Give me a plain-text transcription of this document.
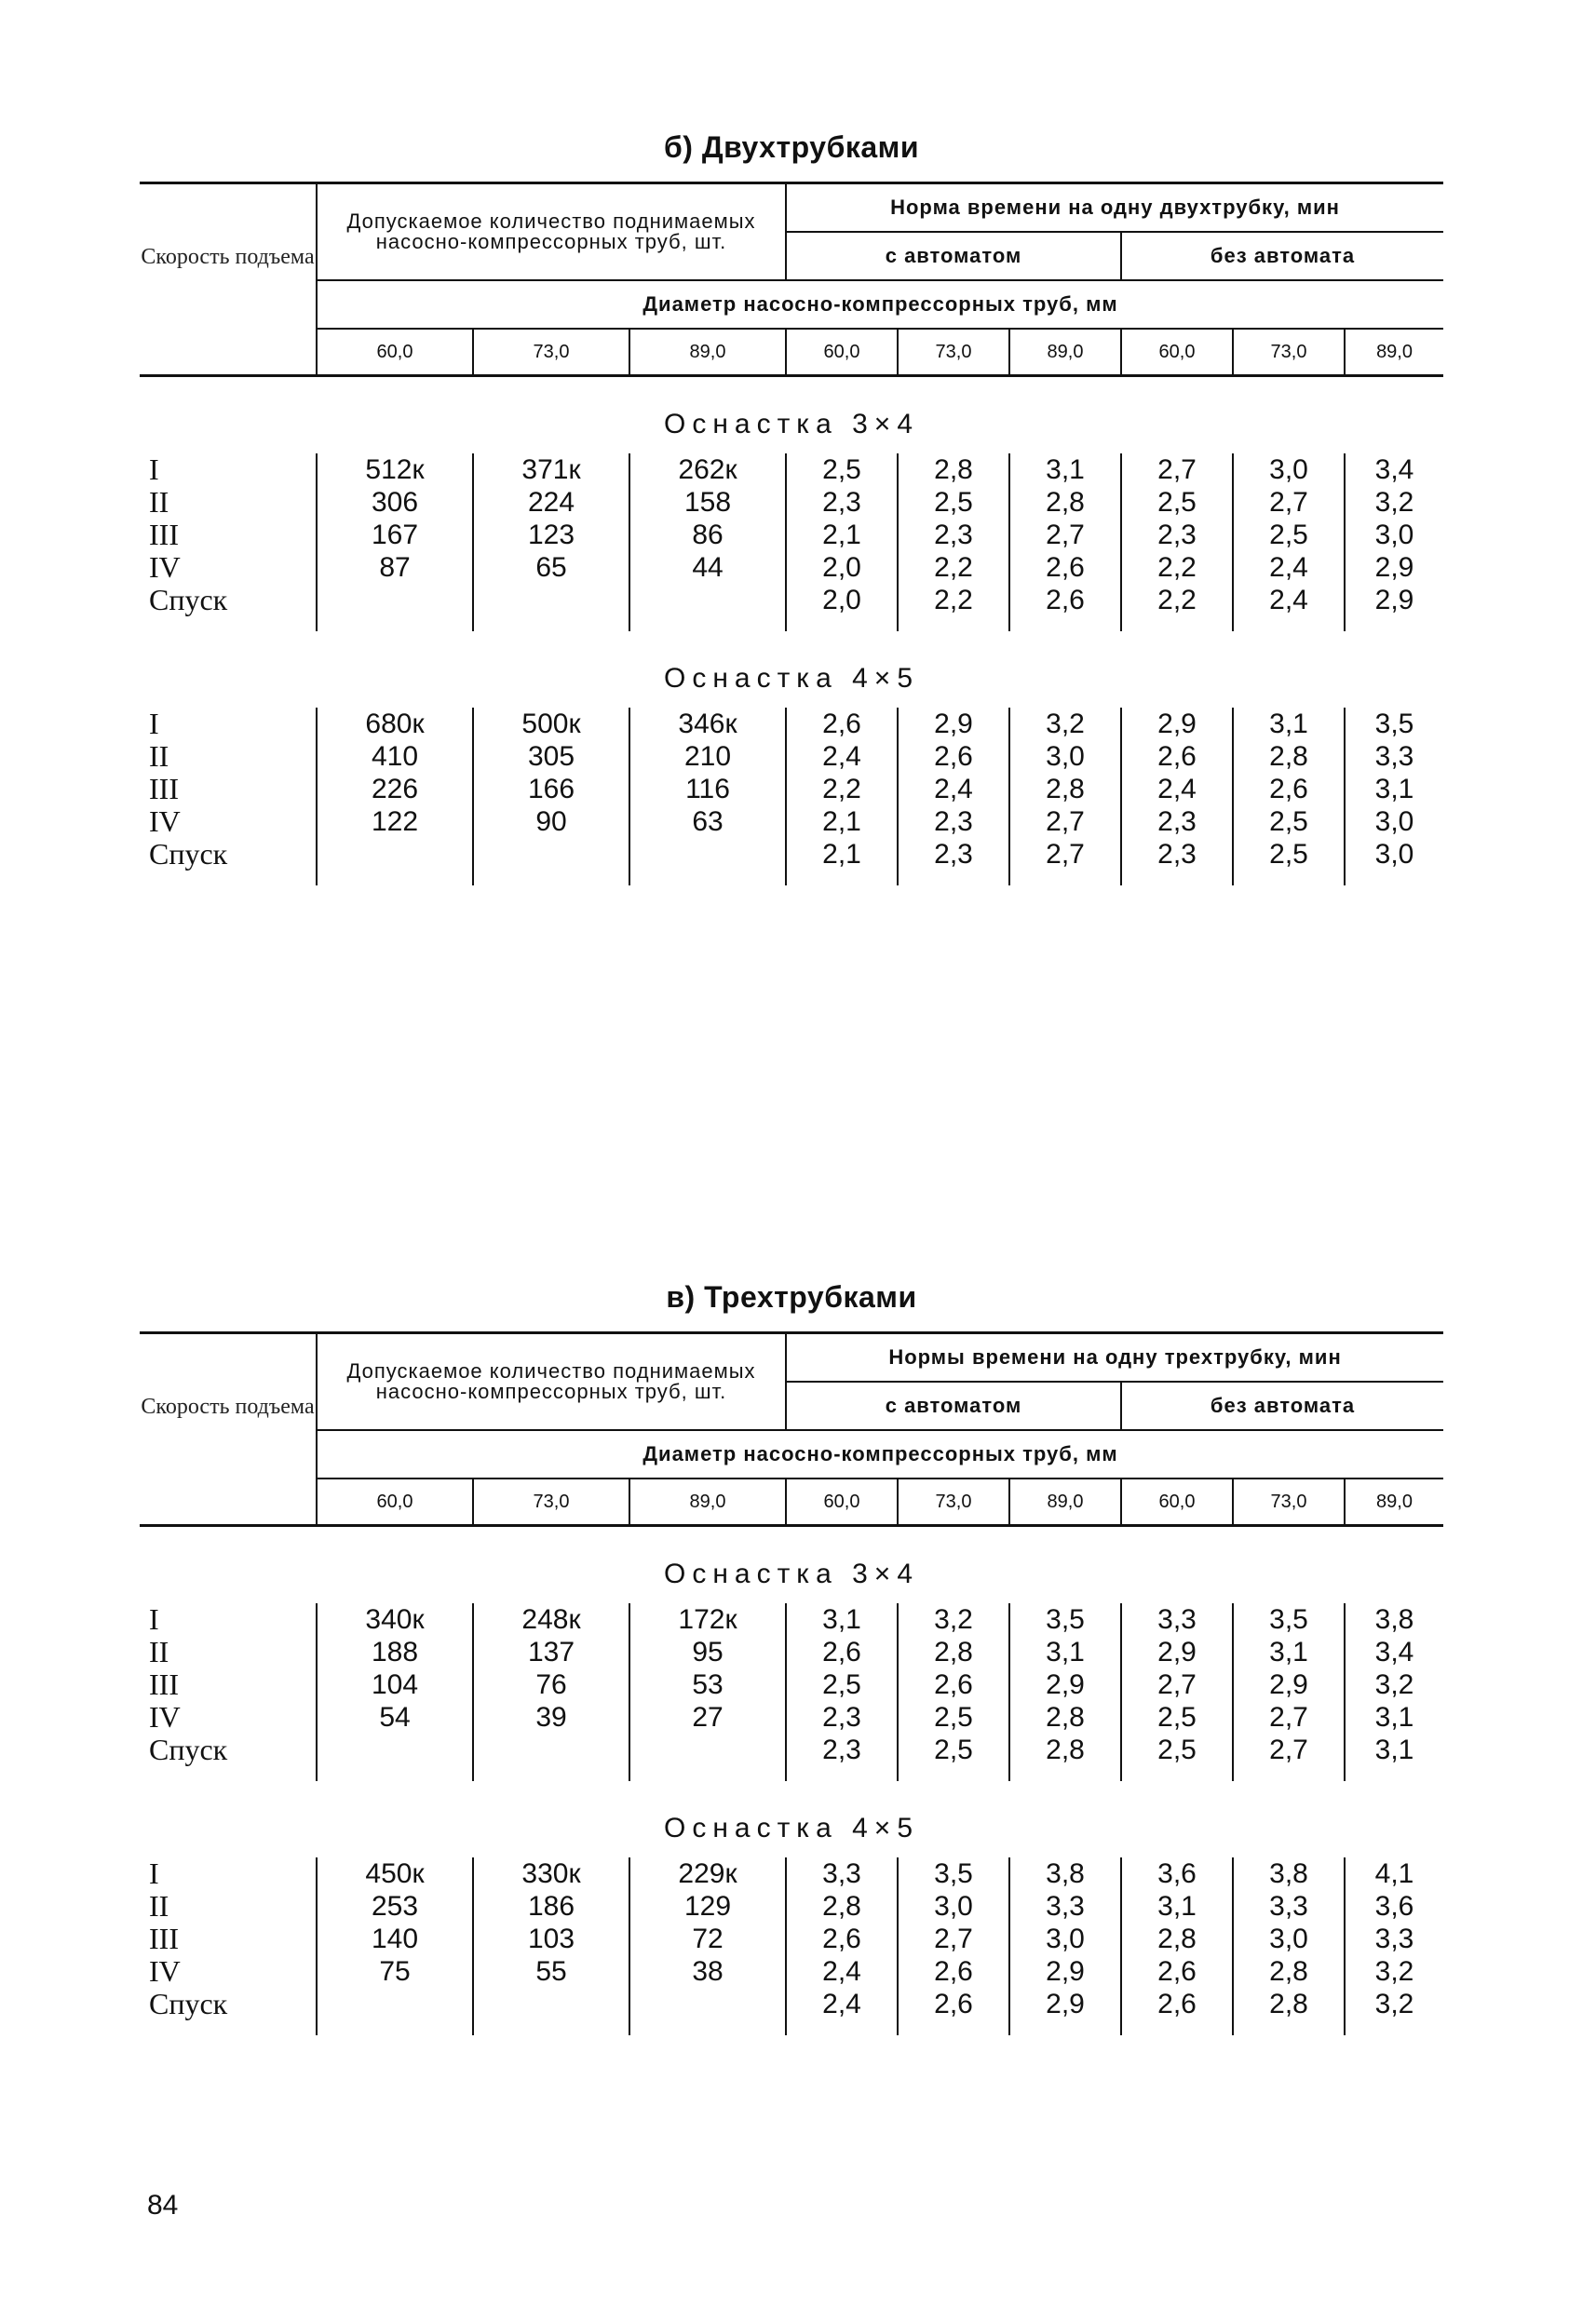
б) Двухтрубками
Скорость подъема	Допускаемое количество поднимаемых насосно-компрессорных труб, шт.			Норма времени на одну двухтрубку, мин					
				с автоматом			без автомата		
	Диаметр насосно-компрессорных труб, мм								
	60,0	73,0	89,0	60,0	73,0	89,0	60,0	73,0	89,0
Оснастка 3×4
I	512к	371к	262к	2,5	2,8	3,1	2,7	3,0	3,4
II	306	224	158	2,3	2,5	2,8	2,5	2,7	3,2
III	167	123	86	2,1	2,3	2,7	2,3	2,5	3,0
IV	87	65	44	2,0	2,2	2,6	2,2	2,4	2,9
Спуск				2,0	2,2	2,6	2,2	2,4	2,9

Оснастка 4×5
I	680к	500к	346к	2,6	2,9	3,2	2,9	3,1	3,5
II	410	305	210	2,4	2,6	3,0	2,6	2,8	3,3
III	226	166	116	2,2	2,4	2,8	2,4	2,6	3,1
IV	122	90	63	2,1	2,3	2,7	2,3	2,5	3,0
Спуск				2,1	2,3	2,7	2,3	2,5	3,0

в) Трехтрубками
Скорость подъема	Допускаемое количество поднимаемых насосно-компрессорных труб, шт.			Нормы времени на одну трехтрубку, мин					
				с автоматом			без автомата		
	Диаметр насосно-компрессорных труб, мм								
	60,0	73,0	89,0	60,0	73,0	89,0	60,0	73,0	89,0
Оснастка 3×4
I	340к	248к	172к	3,1	3,2	3,5	3,3	3,5	3,8
II	188	137	95	2,6	2,8	3,1	2,9	3,1	3,4
III	104	76	53	2,5	2,6	2,9	2,7	2,9	3,2
IV	54	39	27	2,3	2,5	2,8	2,5	2,7	3,1
Спуск				2,3	2,5	2,8	2,5	2,7	3,1

Оснастка 4×5
I	450к	330к	229к	3,3	3,5	3,8	3,6	3,8	4,1
II	253	186	129	2,8	3,0	3,3	3,1	3,3	3,6
III	140	103	72	2,6	2,7	3,0	2,8	3,0	3,3
IV	75	55	38	2,4	2,6	2,9	2,6	2,8	3,2
Спуск				2,4	2,6	2,9	2,6	2,8	3,2

84
